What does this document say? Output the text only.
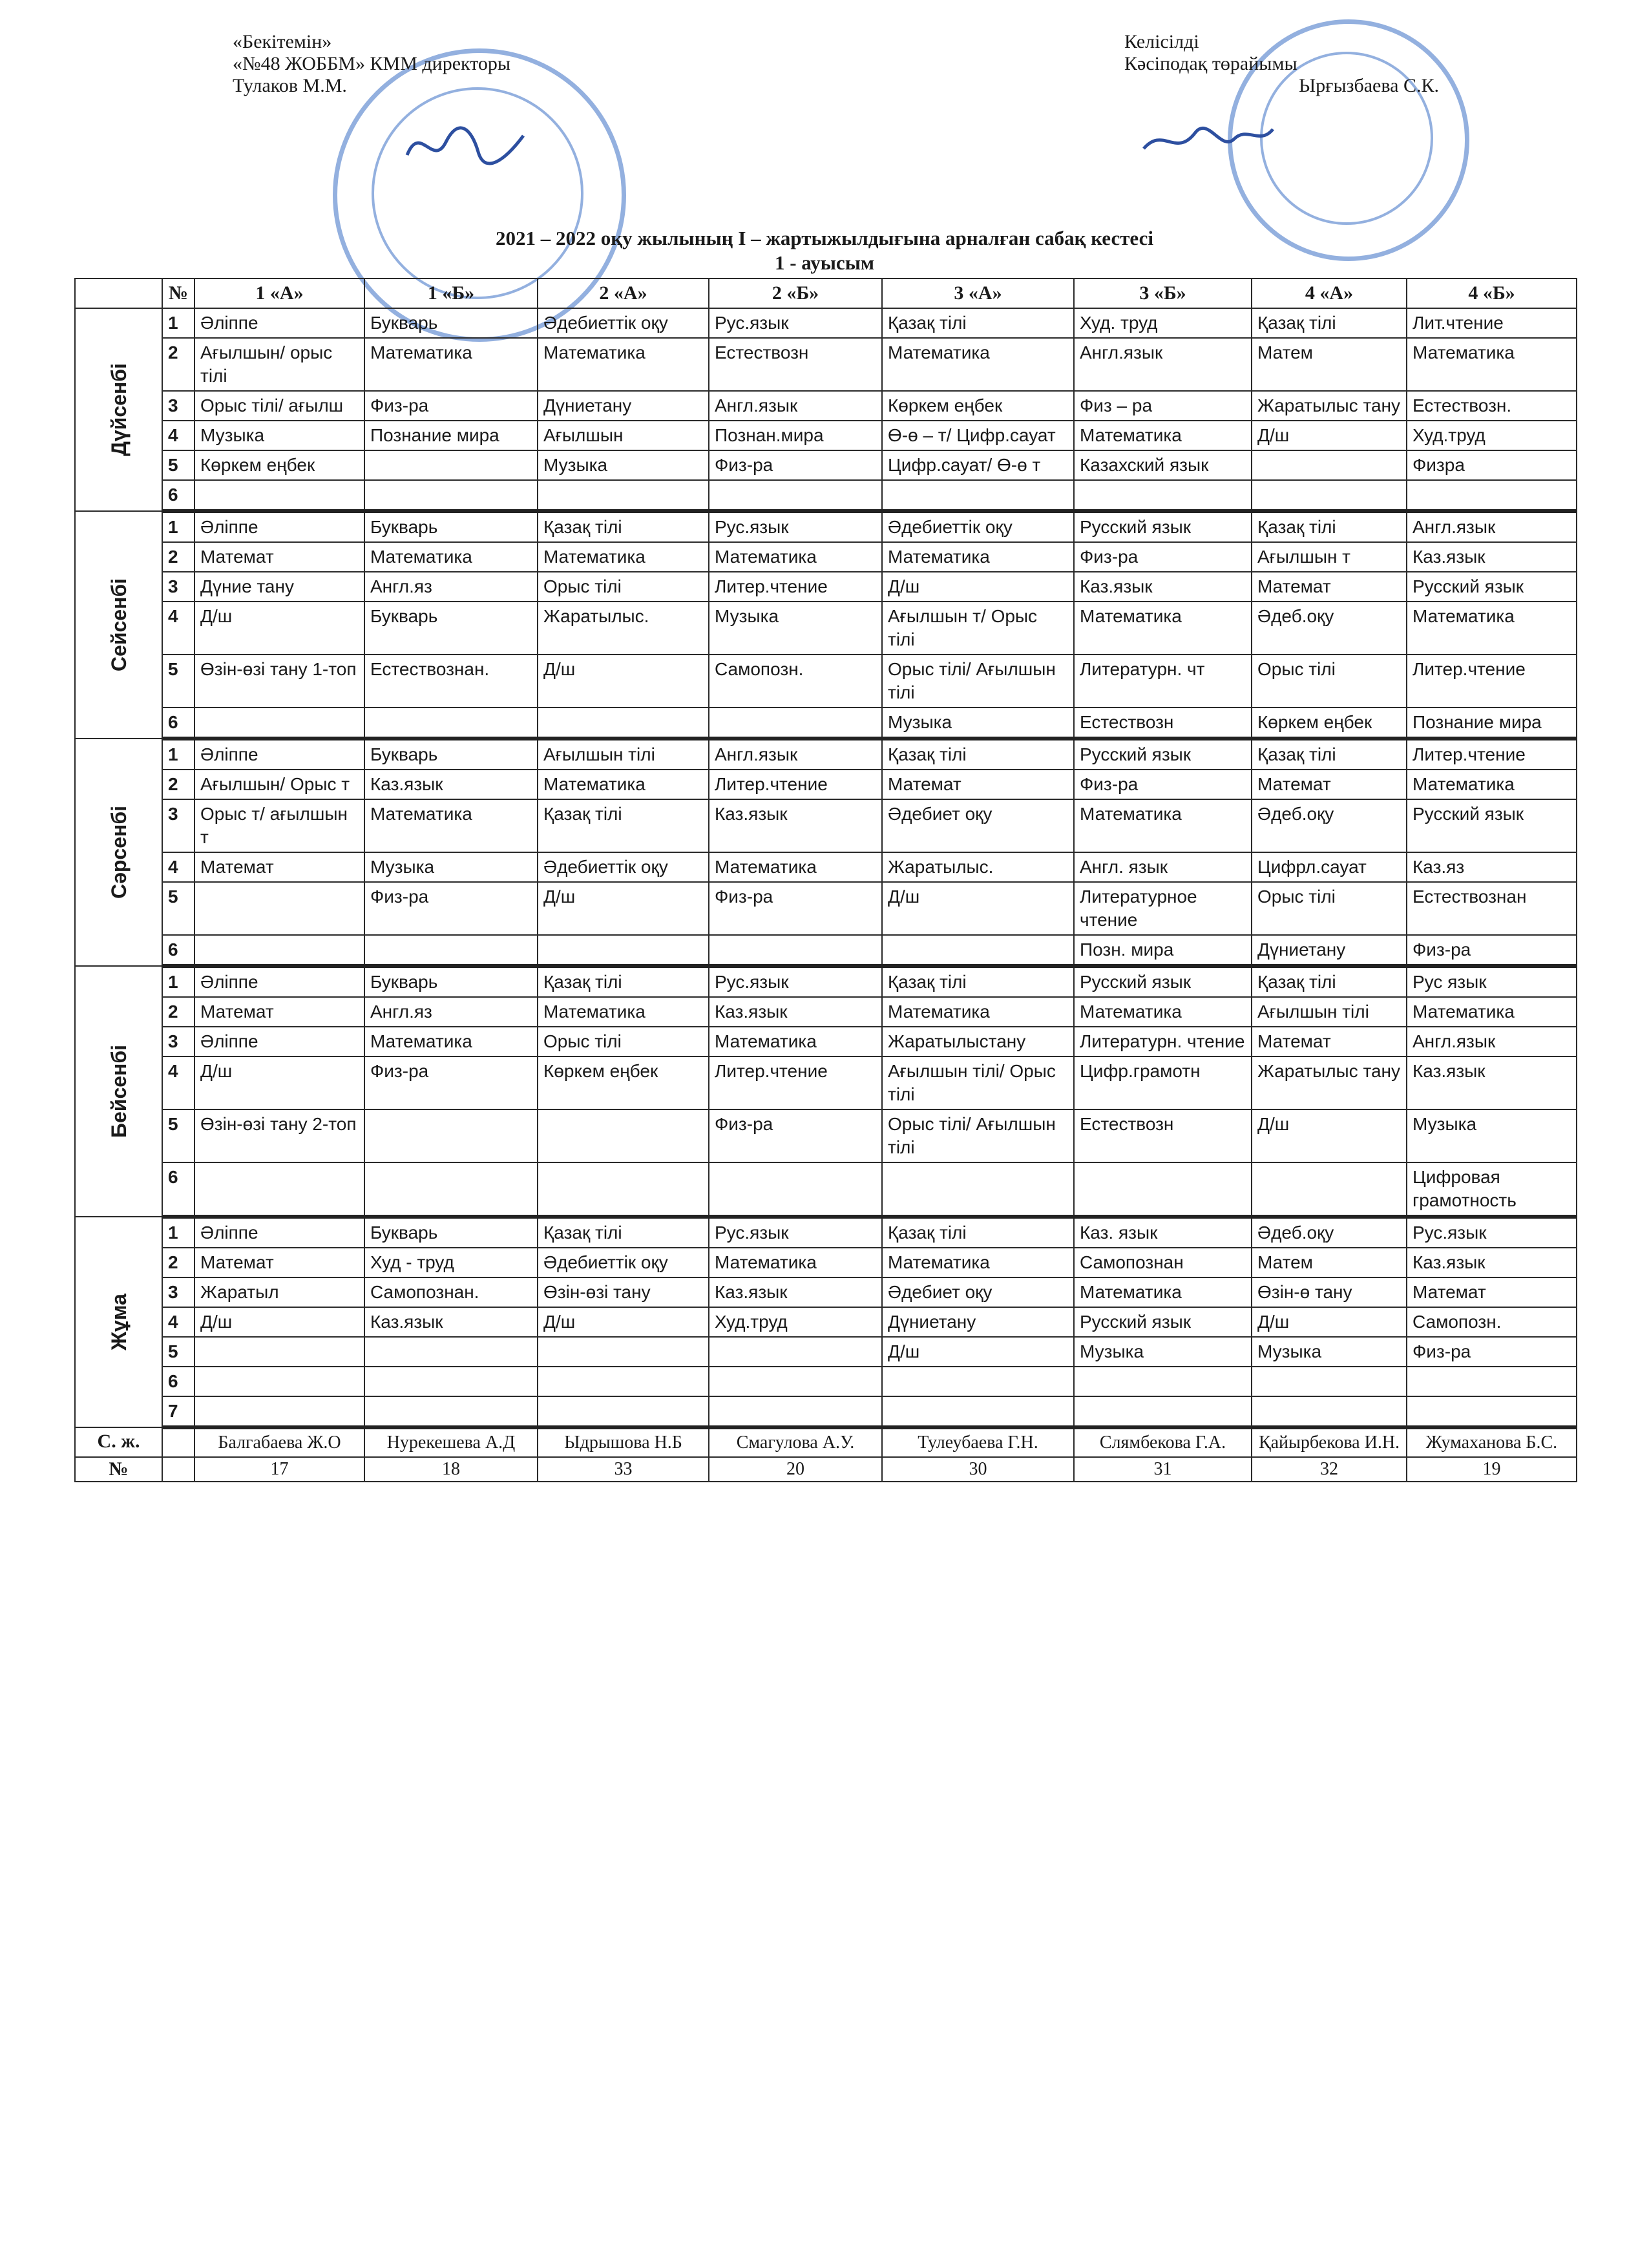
«Бекітемін»
«№48 ЖОББМ» КММ директоры
Тулаков М.М.
Келісілді
Кәсіподақ төрайымы
Ырғызбаева С.К.
2021 – 2022 оқу жылының I – жартыжылдығына арналған сабақ кестесі
1 - ауысым
	№	1 «А»	1 «Б»	2 «А»	2 «Б»	3 «А»	3 «Б»	4 «А»	4 «Б»

Дүйсенбі	1	Әліппе	Букварь	Әдебиеттік оқу	Рус.язык	Қазақ тілі	Худ. труд	Қазақ тілі	Лит.чтение
	2	Ағылшын/ орыс тілі	Математика	Математика	Естествозн	Математика	Англ.язык	Матем	Математика
	3	Орыс тілі/ ағылш	Физ-ра	Дүниетану	Англ.язык	Көркем еңбек	Физ – ра	Жаратылыс тану	Естествозн.
	4	Музыка	Познание мира	Ағылшын	Познан.мира	Ө-ө – т/ Цифр.сауат	Математика	Д/ш	Худ.труд
	5	Көркем еңбек		Музыка	Физ-ра	Цифр.сауат/ Ө-ө т	Казахский язык		Физра
	6								

Сейсенбі	1	Әліппе	Букварь	Қазақ тілі	Рус.язык	Әдебиеттік оқу	Русский язык	Қазақ тілі	Англ.язык
	2	Математ	Математика	Математика	Математика	Математика	Физ-ра	Ағылшын т	Каз.язык
	3	Дүние тану	Англ.яз	Орыс тілі	Литер.чтение	Д/ш	Каз.язык	Математ	Русский язык
	4	Д/ш	Букварь	Жаратылыс.	Музыка	Ағылшын т/ Орыс тілі	Математика	Әдеб.оқу	Математика
	5	Өзін-өзі тану 1-топ	Естествознан.	Д/ш	Самопозн.	Орыс тілі/ Ағылшын тілі	Литературн. чт	Орыс тілі	Литер.чтение
	6					Музыка	Естествозн	Көркем еңбек	Познание мира

Сәрсенбі	1	Әліппе	Букварь	Ағылшын тілі	Англ.язык	Қазақ тілі	Русский язык	Қазақ тілі	Литер.чтение
	2	Ағылшын/ Орыс т	Каз.язык	Математика	Литер.чтение	Математ	Физ-ра	Математ	Математика
	3	Орыс т/ ағылшын т	Математика	Қазақ тілі	Каз.язык	Әдебиет оқу	Математика	Әдеб.оқу	Русский язык
	4	Математ	Музыка	Әдебиеттік оқу	Математика	Жаратылыс.	Англ. язык	Цифрл.сауат	Каз.яз
	5		Физ-ра	Д/ш	Физ-ра	Д/ш	Литературное чтение	Орыс тілі	Естествознан
	6						Позн. мира	Дүниетану	Физ-ра

Бейсенбі	1	Әліппе	Букварь	Қазақ тілі	Рус.язык	Қазақ тілі	Русский язык	Қазақ тілі	Рус язык
	2	Математ	Англ.яз	Математика	Каз.язык	Математика	Математика	Ағылшын тілі	Математика
	3	Әліппе	Математика	Орыс тілі	Математика	Жаратылыстану	Литературн. чтение	Математ	Англ.язык
	4	Д/ш	Физ-ра	Көркем еңбек	Литер.чтение	Ағылшын тілі/ Орыс тілі	Цифр.грамотн	Жаратылыс тану	Каз.язык
	5	Өзін-өзі тану 2-топ			Физ-ра	Орыс тілі/ Ағылшын тілі	Естествозн	Д/ш	Музыка
	6								Цифровая грамотность

Жұма	1	Әліппе	Букварь	Қазақ тілі	Рус.язык	Қазақ тілі	Каз. язык	Әдеб.оқу	Рус.язык
	2	Математ	Худ - труд	Әдебиеттік оқу	Математика	Математика	Самопознан	Матем	Каз.язык
	3	Жаратыл	Самопознан.	Өзін-өзі тану	Каз.язык	Әдебиет оқу	Математика	Өзін-ө тану	Математ
	4	Д/ш	Каз.язык	Д/ш	Худ.труд	Дүниетану	Русский язык	Д/ш	Самопозн.
	5					Д/ш	Музыка	Музыка	Физ-ра
	6								
	7								
С. ж.		Балгабаева Ж.О	Нурекешева А.Д	Ыдрышова Н.Б	Смагулова А.У.	Тулеубаева Г.Н.	Слямбекова Г.А.	Қайырбекова И.Н.	Жумаханова Б.С.
№		17	18	33	20	30	31	32	19
